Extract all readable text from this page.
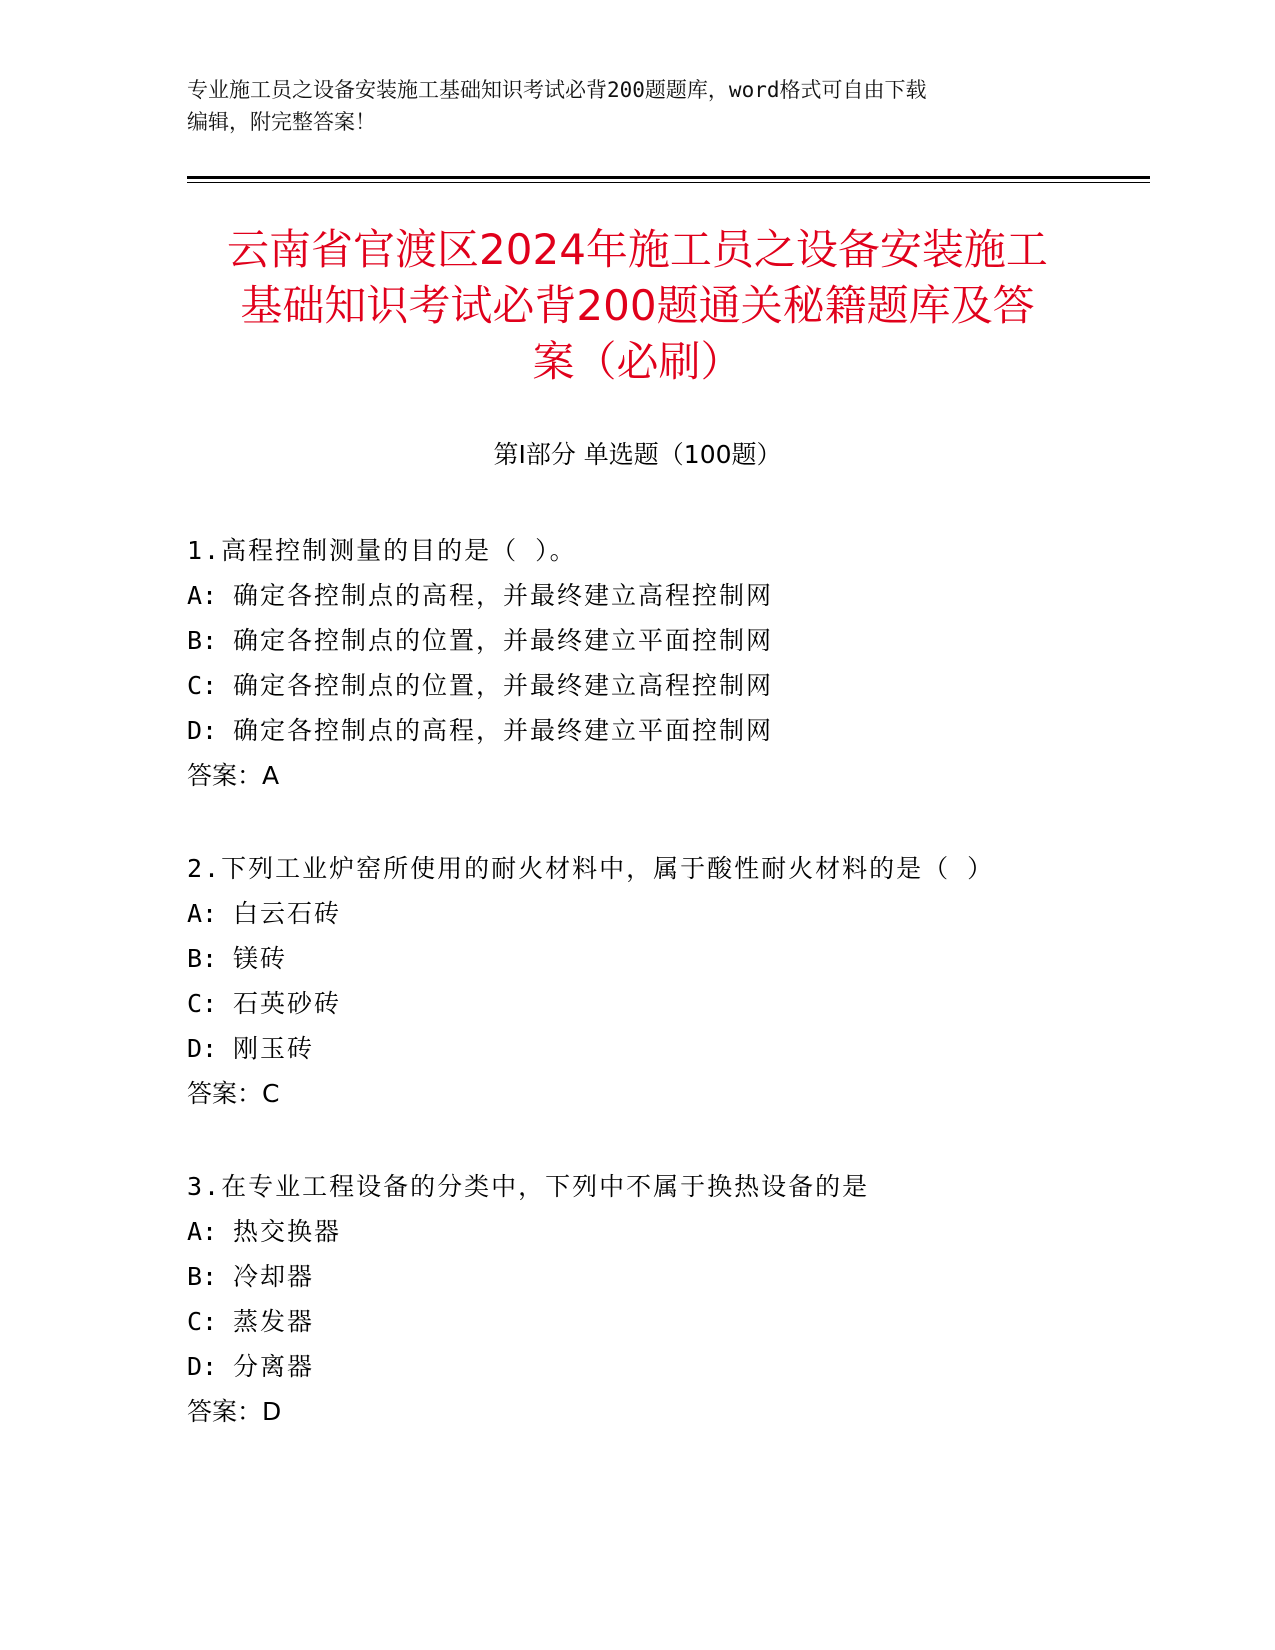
专业施工员之设备安装施工基础知识考试必背200题题库，word格式可自由下载
编辑，附完整答案！
云南省官渡区2024年施工员之设备安装施工
基础知识考试必背200题通关秘籍题库及答
案（必刷）
第Ⅰ部分 单选题（100题）

1.高程控制测量的目的是（ ）。

A: 确定各控制点的高程，并最终建立高程控制网

B: 确定各控制点的位置，并最终建立平面控制网

C: 确定各控制点的位置，并最终建立高程控制网

D: 确定各控制点的高程，并最终建立平面控制网

答案：A

2.下列工业炉窑所使用的耐火材料中，属于酸性耐火材料的是（ ）

A: 白云石砖

B: 镁砖

C: 石英砂砖

D: 刚玉砖

答案：C

3.在专业工程设备的分类中，下列中不属于换热设备的是

A: 热交换器

B: 冷却器

C: 蒸发器

D: 分离器

答案：D
